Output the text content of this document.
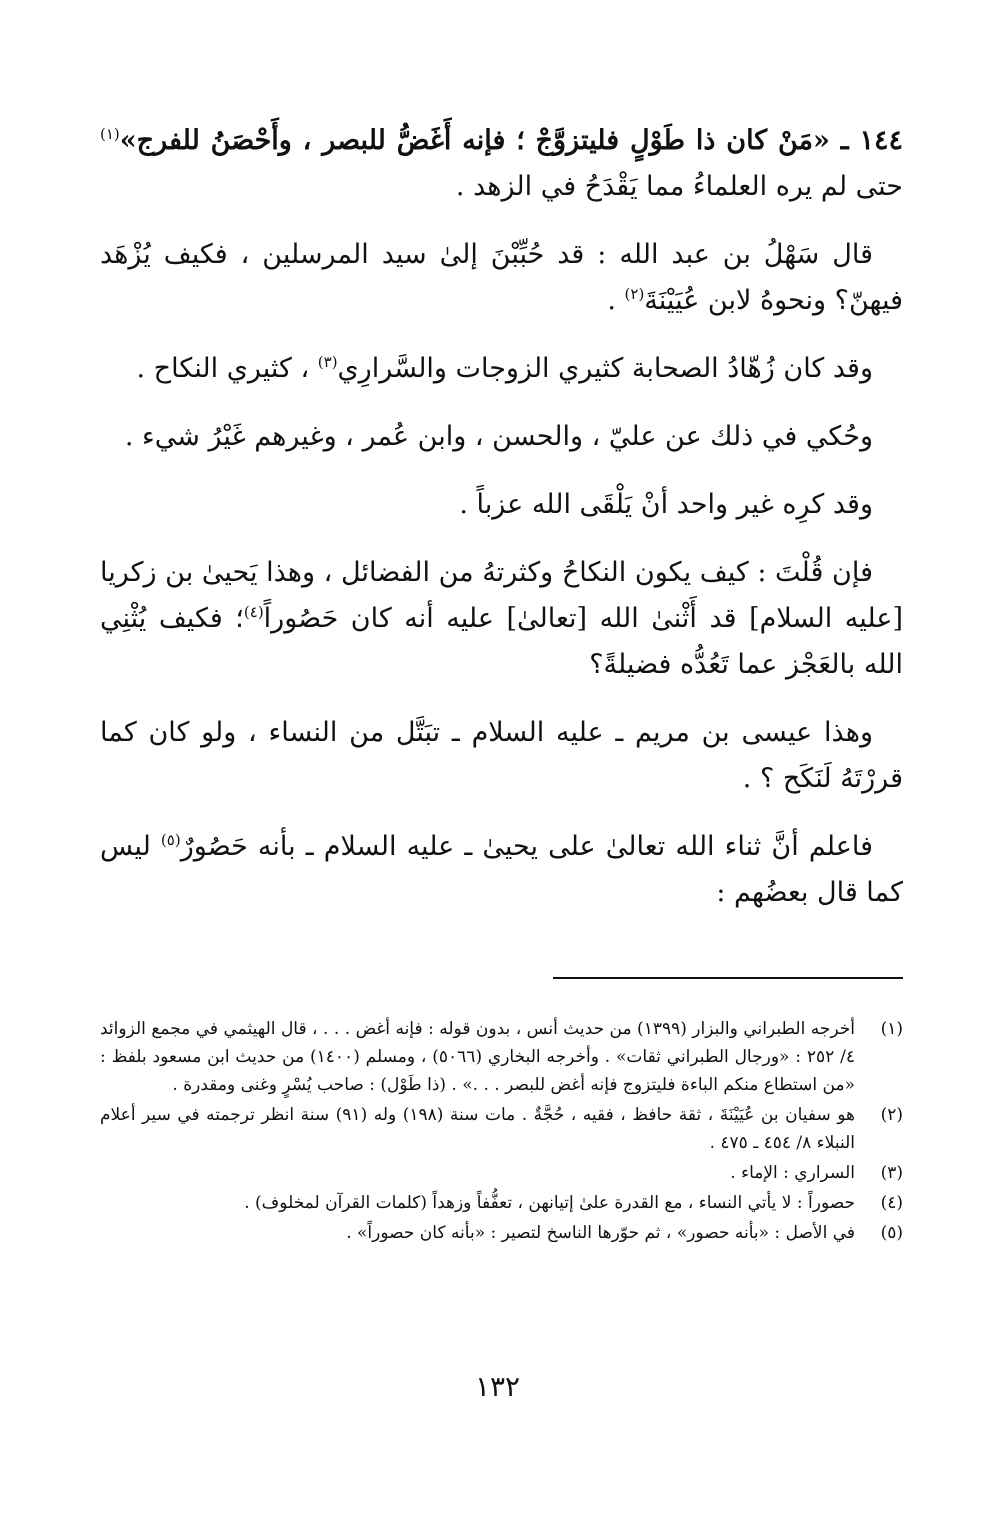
١٤٤ ـ «مَنْ كان ذا طَوْلٍ فليتزوَّجْ ؛ فإنه أَغَضُّ للبصر ، وأَحْصَنُ للفرج»$^{(١)}$ حتى لم يره العلماءُ مما يَقْدَحُ في الزهد .

قال سَهْلُ بن عبد الله : قد حُبِّبْنَ إلىٰ سيد المرسلين ، فكيف يُزْهَد فيهنّ؟ ونحوهُ لابن عُيَيْنَةَ$^{(٢)}$ .

وقد كان زُهّادُ الصحابة كثيري الزوجات والسَّرارِي$^{(٣)}$ ، كثيري النكاح .

وحُكي في ذلك عن عليّ ، والحسن ، وابن عُمر ، وغيرهم غَيْرُ شيء .

وقد كرِه غير واحد أنْ يَلْقَى الله عزباً .

فإن قُلْتَ : كيف يكون النكاحُ وكثرتهُ من الفضائل ، وهذا يَحيىٰ بن زكريا [عليه السلام] قد أَثْنىٰ الله [تعالىٰ] عليه أنه كان حَصُوراً$^{(٤)}$؛ فكيف يُثْنِي الله بالعَجْز عما تَعُدُّه فضيلةً؟

وهذا عيسى بن مريم ـ عليه السلام ـ تبَتَّل من النساء ، ولو كان كما قررْتَهُ لَنَكَح ؟ .

فاعلم أنَّ ثناء الله تعالىٰ على يحيىٰ ـ عليه السلام ـ بأنه حَصُورٌ$^{(٥)}$ ليس كما قال بعضُهم :

(١)
أخرجه الطبراني والبزار (١٣٩٩) من حديث أنس ، بدون قوله : فإنه أغض . . . ، قال الهيثمي في مجمع الزوائد ٤/ ٢٥٢ : «ورجال الطبراني ثقات» . وأخرجه البخاري (٥٠٦٦) ، ومسلم (١٤٠٠) من حديث ابن مسعود بلفظ : «من استطاع منكم الباءة فليتزوج فإنه أغض للبصر . . .» . (ذا طَوْل) : صاحب يُسْرٍ وغنى ومقدرة .
(٢)
هو سفيان بن عُيَيْنَةَ ، ثقة حافظ ، فقيه ، حُجَّةٌ . مات سنة (١٩٨) وله (٩١) سنة انظر ترجمته في سير أعلام النبلاء ٨/ ٤٥٤ ـ ٤٧٥ .
(٣)
السراري : الإماء .
(٤)
حصوراً : لا يأتي النساء ، مع القدرة علىٰ إتيانهن ، تعفُّفاً وزهداً (كلمات القرآن لمخلوف) .
(٥)
في الأصل : «بأنه حصور» ، ثم حوّرها الناسخ لتصير : «بأنه كان حصوراً» .
١٣٢
